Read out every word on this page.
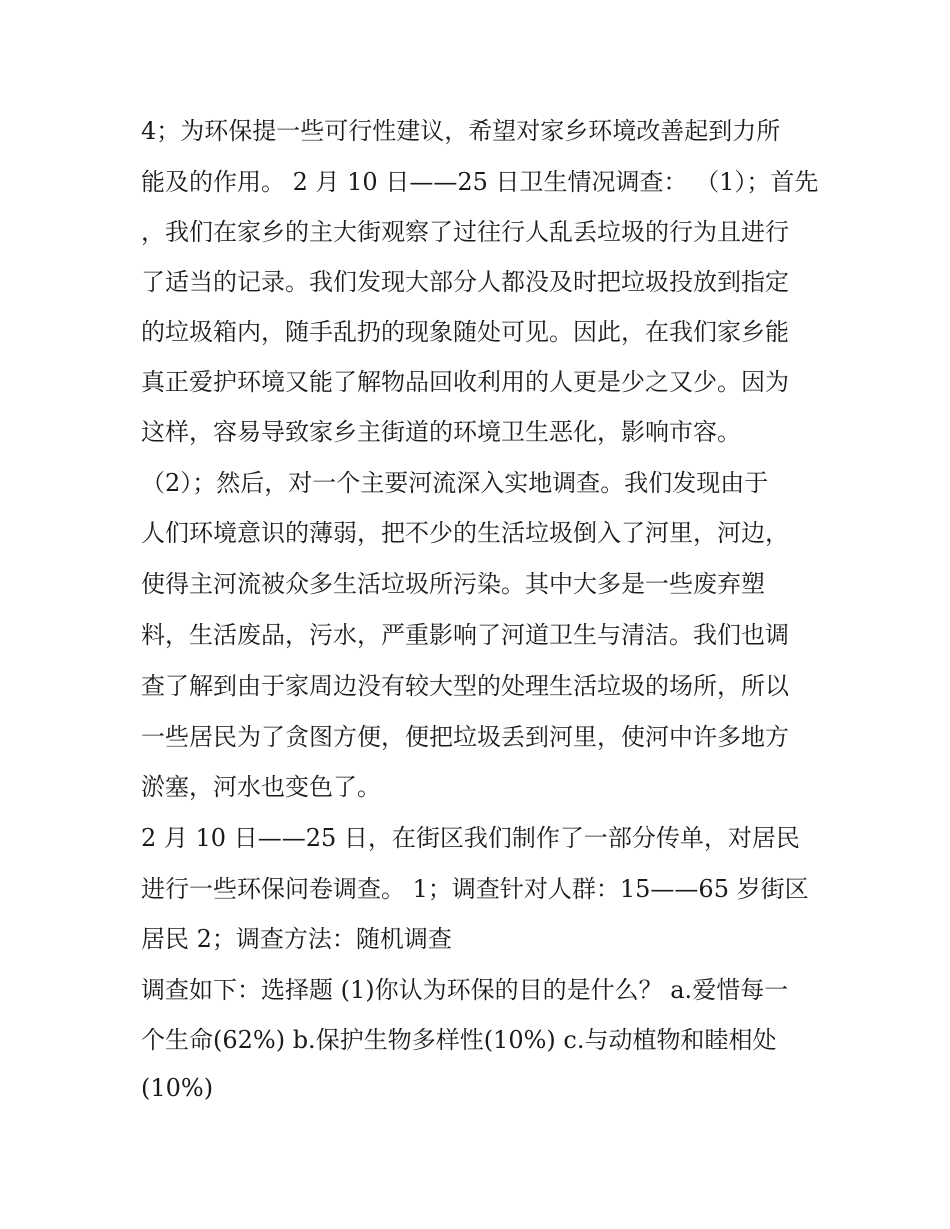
4；为环保提一些可行性建议，希望对家乡环境改善起到力所
能及的作用。 2 月 10 日——25 日卫生情况调查： （1）；首先
，我们在家乡的主大街观察了过往行人乱丢垃圾的行为且进行
了适当的记录。我们发现大部分人都没及时把垃圾投放到指定
的垃圾箱内，随手乱扔的现象随处可见。因此，在我们家乡能
真正爱护环境又能了解物品回收利用的人更是少之又少。因为
这样，容易导致家乡主街道的环境卫生恶化，影响市容。
（2）；然后，对一个主要河流深入实地调查。我们发现由于
人们环境意识的薄弱，把不少的生活垃圾倒入了河里，河边，
使得主河流被众多生活垃圾所污染。其中大多是一些废弃塑
料，生活废品，污水，严重影响了河道卫生与清洁。我们也调
查了解到由于家周边没有较大型的处理生活垃圾的场所，所以
一些居民为了贪图方便，便把垃圾丢到河里，使河中许多地方
淤塞，河水也变色了。
2 月 10 日——25 日，在街区我们制作了一部分传单，对居民
进行一些环保问卷调查。 1；调查针对人群：15——65 岁街区
居民 2；调查方法：随机调查
调查如下：选择题 (1)你认为环保的目的是什么？ a.爱惜每一
个生命(62%) b.保护生物多样性(10%) c.与动植物和睦相处
(10%)
